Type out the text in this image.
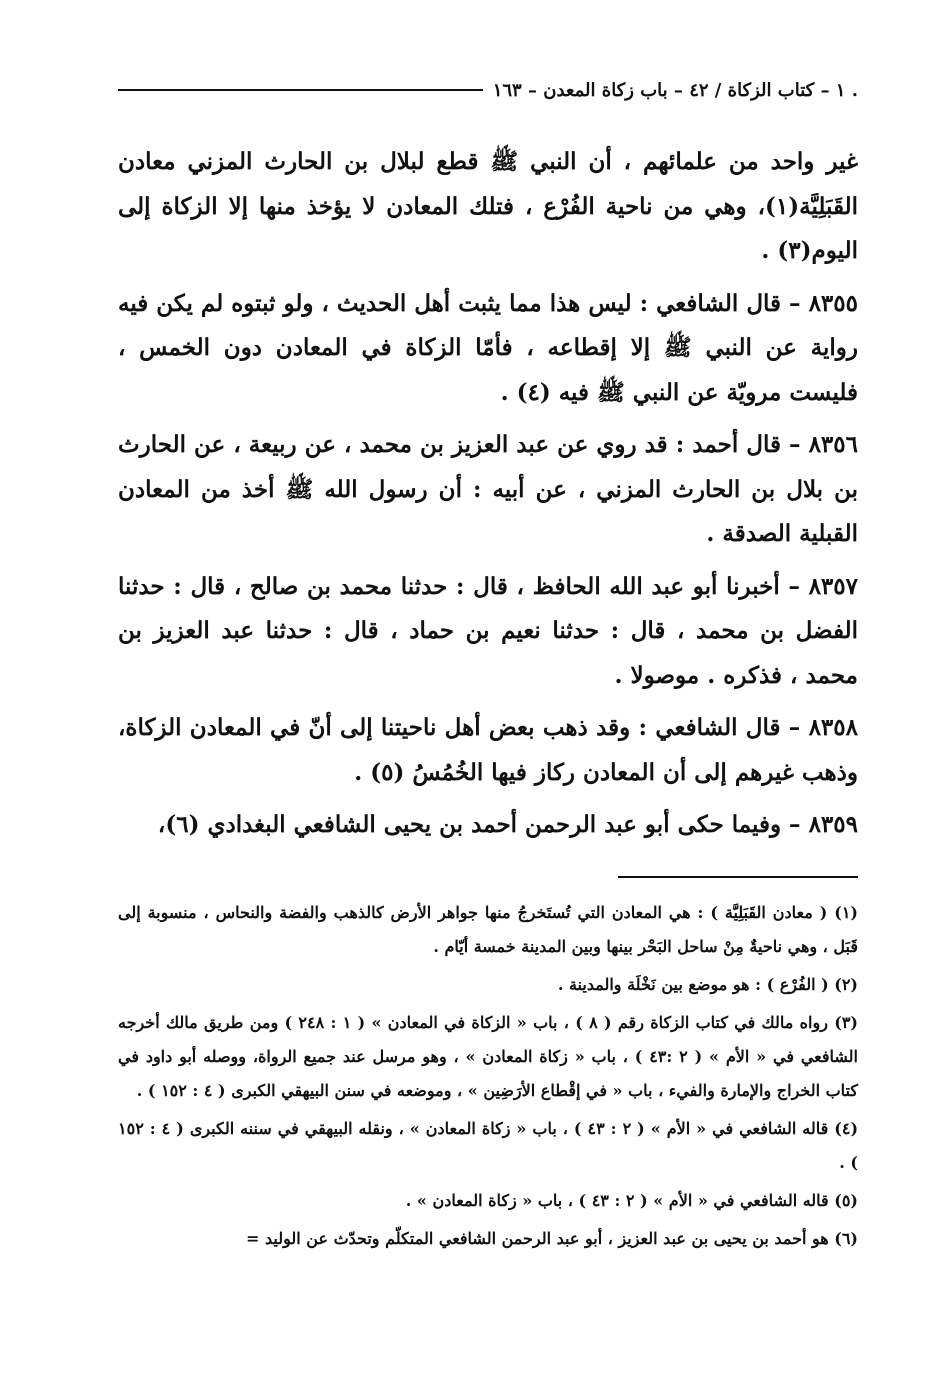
. ١ – كتاب الزكاة / ٤٢ – باب زكاة المعدن – ١٦٣

غير واحد من علمائهم ، أن النبي ﷺ قطع لبلال بن الحارث المزني معادن القَبَلِيَّة(١)، وهي من ناحية الفُرْع ، فتلك المعادن لا يؤخذ منها إلا الزكاة إلى اليوم(٣) .

٨٣٥٥ – قال الشافعي : ليس هذا مما يثبت أهل الحديث ، ولو ثبتوه لم يكن فيه رواية عن النبي ﷺ إلا إقطاعه ، فأمّا الزكاة في المعادن دون الخمس ، فليست مرويّة عن النبي ﷺ فيه (٤) .

٨٣٥٦ – قال أحمد : قد روي عن عبد العزيز بن محمد ، عن ربيعة ، عن الحارث بن بلال بن الحارث المزني ، عن أبيه : أن رسول الله ﷺ أخذ من المعادن القبلية الصدقة .

٨٣٥٧ – أخبرنا أبو عبد الله الحافظ ، قال : حدثنا محمد بن صالح ، قال : حدثنا الفضل بن محمد ، قال : حدثنا نعيم بن حماد ، قال : حدثنا عبد العزيز بن محمد ، فذكره . موصولا .

٨٣٥٨ – قال الشافعي : وقد ذهب بعض أهل ناحيتنا إلى أنّ في المعادن الزكاة، وذهب غيرهم إلى أن المعادن ركاز فيها الخُمُسُ (٥) .

٨٣٥٩ – وفيما حكى أبو عبد الرحمن أحمد بن يحيى الشافعي البغدادي (٦)،

(١) ( معادن القَبَلِيَّة ) : هي المعادن التي تُستَخرجُ منها جواهر الأرض كالذهب والفضة والنحاس ، منسوبة إلى قَبَل ، وهي ناحيةٌ مِنْ ساحل البَحْر بينها وبين المدينة خمسة أيّام .

(٢) ( الفُرْع ) : هو موضع بين نَخْلَة والمدينة .

(٣) رواه مالك في كتاب الزكاة رقم ( ٨ ) ، باب « الزكاة في المعادن » ( ١ : ٢٤٨ ) ومن طريق مالك أخرجه الشافعي في « الأم » ( ٢ :٤٣ ) ، باب « زكاة المعادن » ، وهو مرسل عند جميع الرواة، ووصله أبو داود في كتاب الخراج والإمارة والفيء ، باب « في إقْطاع الأرَضِين » ، وموضعه في سنن البيهقي الكبرى ( ٤ : ١٥٢ ) .

(٤) قاله الشافعي في « الأم » ( ٢ : ٤٣ ) ، باب « زكاة المعادن » ، ونقله البيهقي في سننه الكبرى ( ٤ : ١٥٢ ) .

(٥) قاله الشافعي في « الأم » ( ٢ : ٤٣ ) ، باب « زكاة المعادن » .

(٦) هو أحمد بن يحيى بن عبد العزيز ، أبو عبد الرحمن الشافعي المتكلّم وتحدّث عن الوليد =
